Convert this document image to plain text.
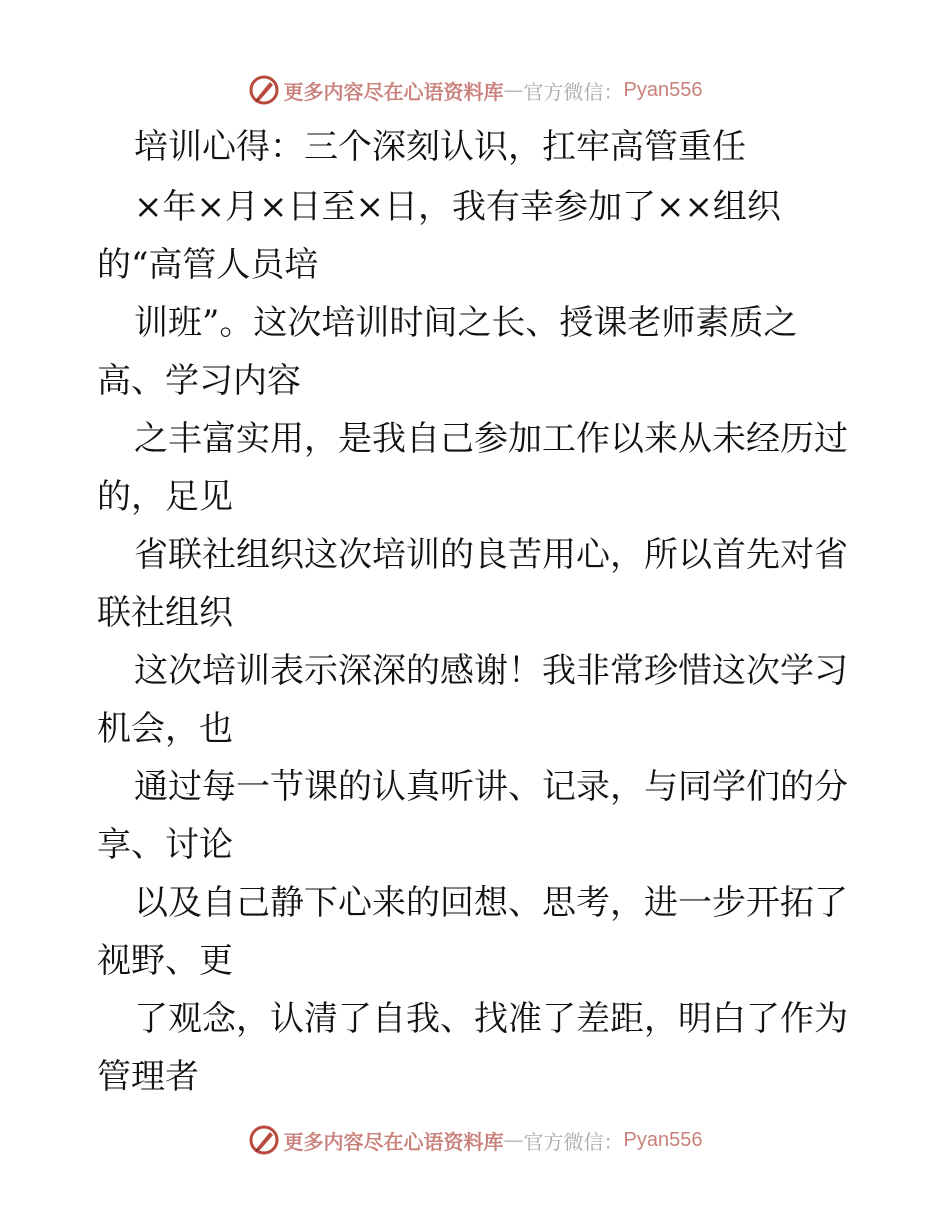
更多内容尽在心语资料库 — 官方微信： Pyan556
培训心得：三个深刻认识，扛牢高管重任
×年×月×日至×日，我有幸参加了××组织
的“高管人员培
训班”。这次培训时间之长、授课老师素质之
高、学习内容
之丰富实用，是我自己参加工作以来从未经历过
的，足见
省联社组织这次培训的良苦用心，所以首先对省
联社组织
这次培训表示深深的感谢！我非常珍惜这次学习
机会，也
通过每一节课的认真听讲、记录，与同学们的分
享、讨论
以及自己静下心来的回想、思考，进一步开拓了
视野、更
了观念，认清了自我、找准了差距，明白了作为
管理者
更多内容尽在心语资料库 — 官方微信： Pyan556
